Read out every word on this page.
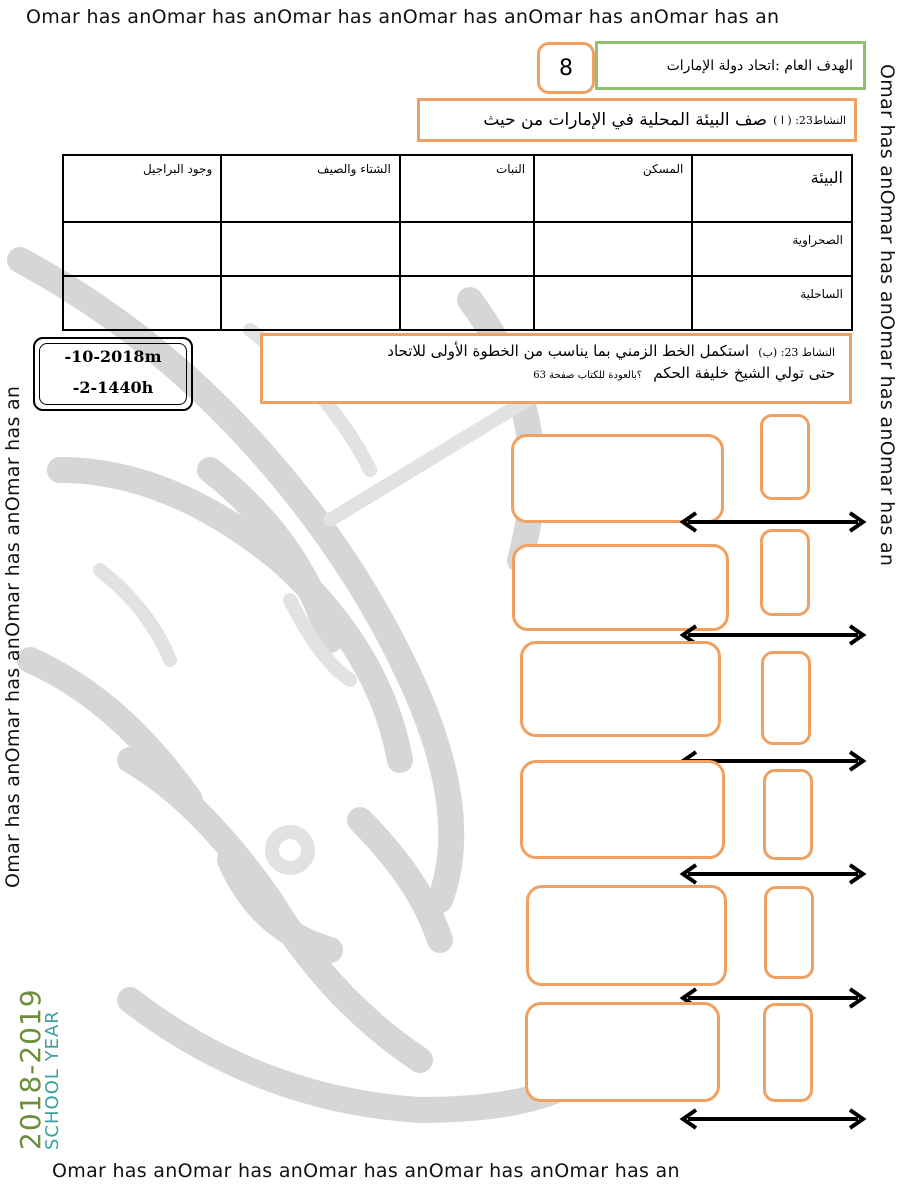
Omar has anOmar has anOmar has anOmar has anOmar has anOmar has an
Omar has anOmar has anOmar has anOmar has anOmar has an
Omar has anOmar has anOmar has anOmar has an
Omar has anOmar has anOmar has anOmar has an
8	الهدف العام :اتحاد دولة الإمارات
النشاط23: ( ا )
صف البيئة المحلية في الإمارات من حيث
البيئة	المسكن	النبات	الشتاء والصيف	وجود البراجيل
الصحراوية				
الساحلية				
-10-2018m
-2-1440h
النشاط 23: (ب) استكمل الخط الزمني بما يناسب من الخطوة الأولى للاتحاد
حتى تولي الشيخ خليفة الحكم ؟بالعودة للكتاب صفحة 63
2018-2019
SCHOOL YEAR
